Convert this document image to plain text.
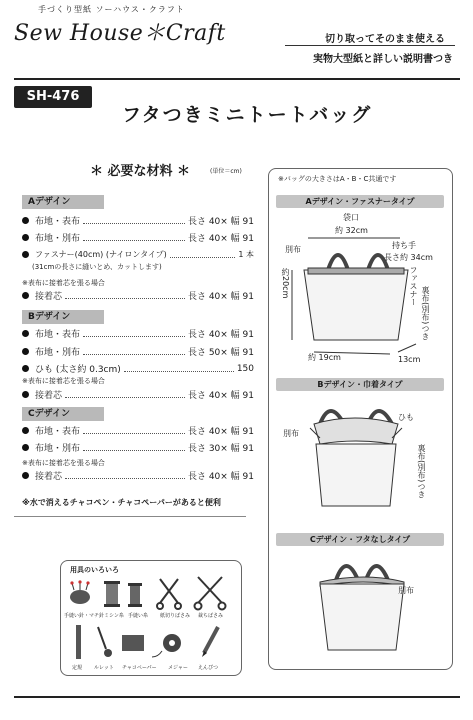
手づくり型紙 ソーハウス・クラフト
Sew House＊Craft	切り取ってそのまま使える
実物大型紙と詳しい説明書つき
SH-476
フタつきミニトートバッグ
＊ 必要な材料 ＊	(単位＝cm)
Aデザイン
布地・表布	長さ 40× 幅 91
布地・別布	長さ 40× 幅 91
ファスナー(40cm) (ナイロンタイプ)	1 本
(31cmの長さに縫いとめ、カットします)
※表布に接着芯を張る場合
接着芯	長さ 40× 幅 91
Bデザイン
布地・表布	長さ 40× 幅 91
布地・別布	長さ 50× 幅 91
ひも (太さ約 0.3cm)	150
※表布に接着芯を張る場合
接着芯	長さ 40× 幅 91
Cデザイン
布地・表布	長さ 40× 幅 91
布地・別布	長さ 30× 幅 91
※表布に接着芯を張る場合
接着芯	長さ 40× 幅 91
※水で消えるチャコペン・チャコペーパーがあると便利
用具のいろいろ
手縫い針・マチ針 ミシン糸 手縫い糸 紙切りばさみ 裁ちばさみ
定規 ルレット チャコペーパー メジャー えんぴつ
※バッグの大きさはA・B・C共通です
Aデザイン・ファスナータイプ
袋口
約 32cm
別布	持ち手
長さ約 34cm
約20cm	ファスナー 裏布(別布)つき
約 19cm	13cm
Bデザイン・巾着タイプ
ひも
別布
裏布(別布)つき
Cデザイン・フタなしタイプ
別布
